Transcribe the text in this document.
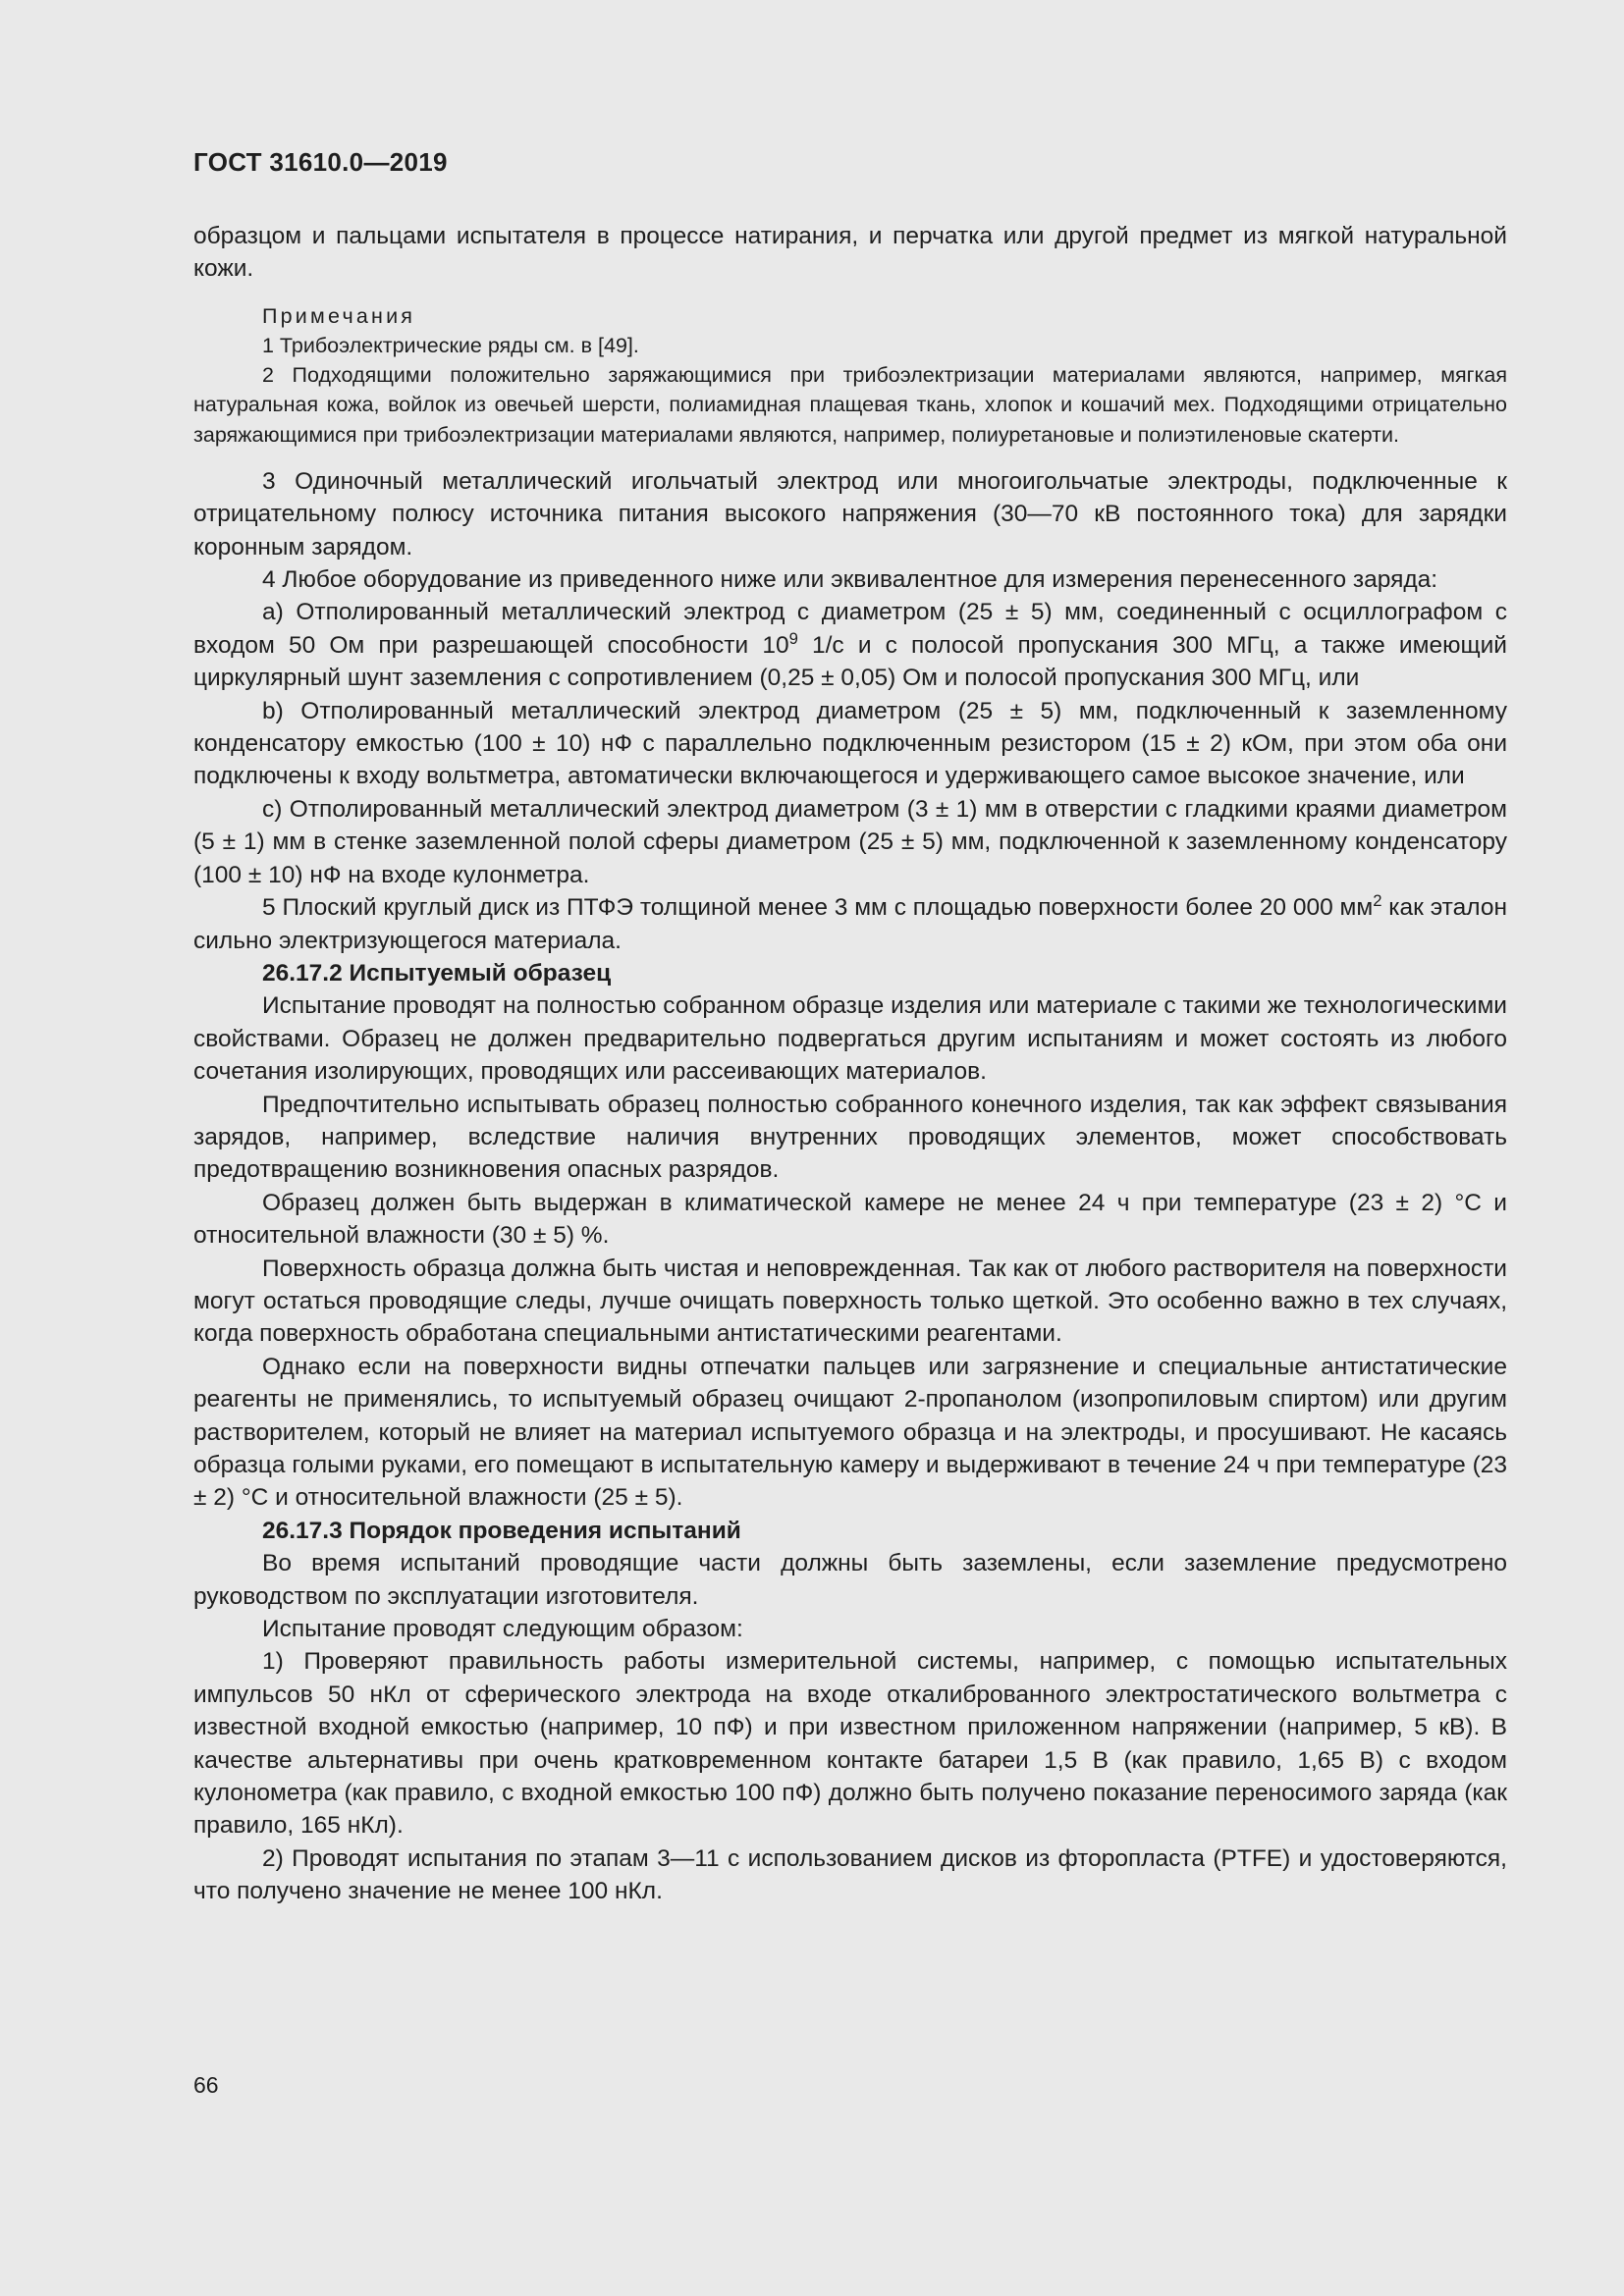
ГОСТ 31610.0—2019

образцом и пальцами испытателя в процессе натирания, и перчатка или другой предмет из мягкой натуральной кожи.

Примечания

1 Трибоэлектрические ряды см. в [49].

2 Подходящими положительно заряжающимися при трибоэлектризации материалами являются, например, мягкая натуральная кожа, войлок из овечьей шерсти, полиамидная плащевая ткань, хлопок и кошачий мех. Подходящими отрицательно заряжающимися при трибоэлектризации материалами являются, например, полиуретановые и полиэтиленовые скатерти.

3 Одиночный металлический игольчатый электрод или многоигольчатые электроды, подключенные к отрицательному полюсу источника питания высокого напряжения (30—70 кВ постоянного тока) для зарядки коронным зарядом.

4 Любое оборудование из приведенного ниже или эквивалентное для измерения перенесенного заряда:

а) Отполированный металлический электрод с диаметром (25 ± 5) мм, соединенный с осциллографом с входом 50 Ом при разрешающей способности $10^9$ 1/с и с полосой пропускания 300 МГц, а также имеющий циркулярный шунт заземления с сопротивлением (0,25 ± 0,05) Ом и полосой пропускания 300 МГц, или

b) Отполированный металлический электрод диаметром (25 ± 5) мм, подключенный к заземленному конденсатору емкостью (100 ± 10) нФ с параллельно подключенным резистором (15 ± 2) кОм, при этом оба они подключены к входу вольтметра, автоматически включающегося и удерживающего самое высокое значение, или

с) Отполированный металлический электрод диаметром (3 ± 1) мм в отверстии с гладкими краями диаметром (5 ± 1) мм в стенке заземленной полой сферы диаметром (25 ± 5) мм, подключенной к заземленному конденсатору (100 ± 10) нФ на входе кулонметра.

5 Плоский круглый диск из ПТФЭ толщиной менее 3 мм с площадью поверхности более 20 000 $мм^2$ как эталон сильно электризующегося материала.

26.17.2 Испытуемый образец

Испытание проводят на полностью собранном образце изделия или материале с такими же технологическими свойствами. Образец не должен предварительно подвергаться другим испытаниям и может состоять из любого сочетания изолирующих, проводящих или рассеивающих материалов.

Предпочтительно испытывать образец полностью собранного конечного изделия, так как эффект связывания зарядов, например, вследствие наличия внутренних проводящих элементов, может способствовать предотвращению возникновения опасных разрядов.

Образец должен быть выдержан в климатической камере не менее 24 ч при температуре (23 ± 2) °С и относительной влажности (30 ± 5) %.

Поверхность образца должна быть чистая и неповрежденная. Так как от любого растворителя на поверхности могут остаться проводящие следы, лучше очищать поверхность только щеткой. Это особенно важно в тех случаях, когда поверхность обработана специальными антистатическими реагентами.

Однако если на поверхности видны отпечатки пальцев или загрязнение и специальные антистатические реагенты не применялись, то испытуемый образец очищают 2-пропанолом (изопропиловым спиртом) или другим растворителем, который не влияет на материал испытуемого образца и на электроды, и просушивают. Не касаясь образца голыми руками, его помещают в испытательную камеру и выдерживают в течение 24 ч при температуре (23 ± 2) °С и относительной влажности (25 ± 5).

26.17.3 Порядок проведения испытаний

Во время испытаний проводящие части должны быть заземлены, если заземление предусмотрено руководством по эксплуатации изготовителя.

Испытание проводят следующим образом:

1) Проверяют правильность работы измерительной системы, например, с помощью испытательных импульсов 50 нКл от сферического электрода на входе откалиброванного электростатического вольтметра с известной входной емкостью (например, 10 пФ) и при известном приложенном напряжении (например, 5 кВ). В качестве альтернативы при очень кратковременном контакте батареи 1,5 В (как правило, 1,65 В) с входом кулонометра (как правило, с входной емкостью 100 пФ) должно быть получено показание переносимого заряда (как правило, 165 нКл).

2) Проводят испытания по этапам 3—11 с использованием дисков из фторопласта (PTFE) и удостоверяются, что получено значение не менее 100 нКл.

66
